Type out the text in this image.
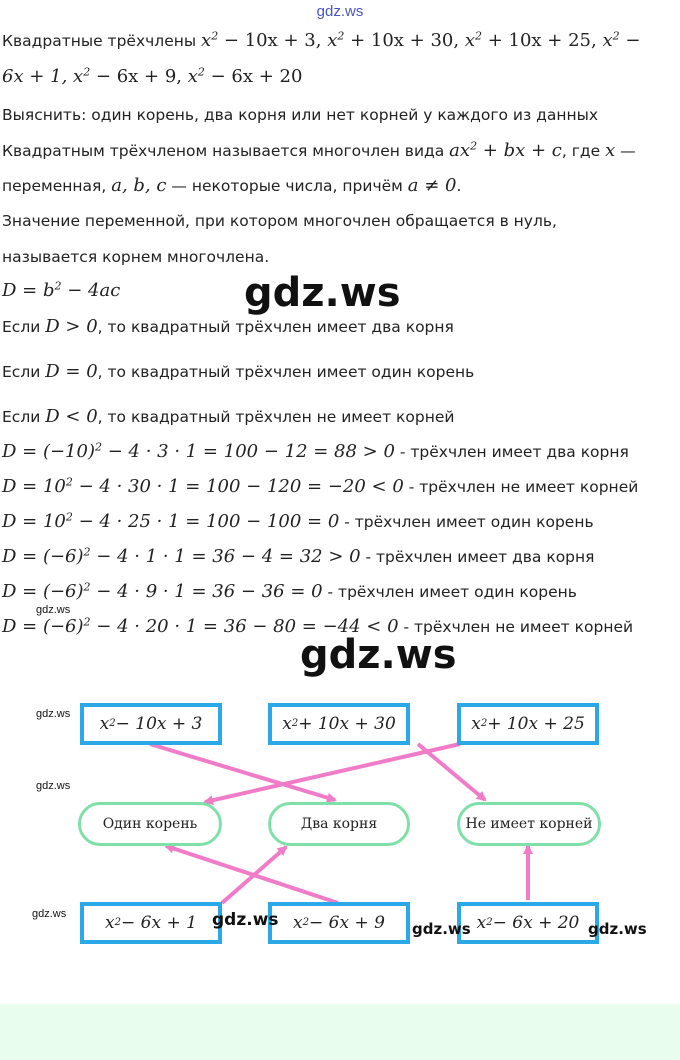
gdz.ws
Квадратные трёхчлены $x^2 - 10x + 3$, $x^2 + 10x + 30$, $x^2 + 10x + 25$, $x^2$ −
6x + 1, $x^2 - 6x + 9$, $x^2 - 6x + 20$
Выяснить: один корень, два корня или нет корней у каждого из данных
Квадратным трёхчленом называется многочлен вида $ax^2$ + bx + c, где x —
переменная, a, b, c — некоторые числа, причём a ≠ 0.
Значение переменной, при котором многочлен обращается в нуль,
называется корнем многочлена.
$D = b^2 - 4ac$	gdz.ws
Если D > 0, то квадратный трёхчлен имеет два корня
Если D = 0, то квадратный трёхчлен имеет один корень
Если D < 0, то квадратный трёхчлен не имеет корней
$D = (-10)^2 - 4 \cdot 3 \cdot 1 = 100 - 12 = 88 > 0$ - трёхчлен имеет два корня
$D = 10^2 - 4 \cdot 30 \cdot 1 = 100 - 120 = -20 < 0$ - трёхчлен не имеет корней
$D = 10^2 - 4 \cdot 25 \cdot 1 = 100 - 100 = 0$ - трёхчлен имеет один корень
$D = (-6)^2 - 4 \cdot 1 \cdot 1 = 36 - 4 = 32 > 0$ - трёхчлен имеет два корня
$D = (-6)^2 - 4 \cdot 9 \cdot 1 = 36 - 36 = 0$ - трёхчлен имеет один корень
gdz.ws
$D = (-6)^2 - 4 \cdot 20 \cdot 1 = 36 - 80 = -44 < 0$ - трёхчлен не имеет корней
gdz.ws
x 2 − 10x + 3	x 2 + 10x + 30	x 2 + 10x + 25
Один корень	Два корня	Не имеет корней
x 2 − 6x + 1	x 2 − 6x + 9	x 2 − 6x + 20
gdz.ws
gdz.ws
gdz.ws	gdz.ws	gdz.ws	gdz.ws
